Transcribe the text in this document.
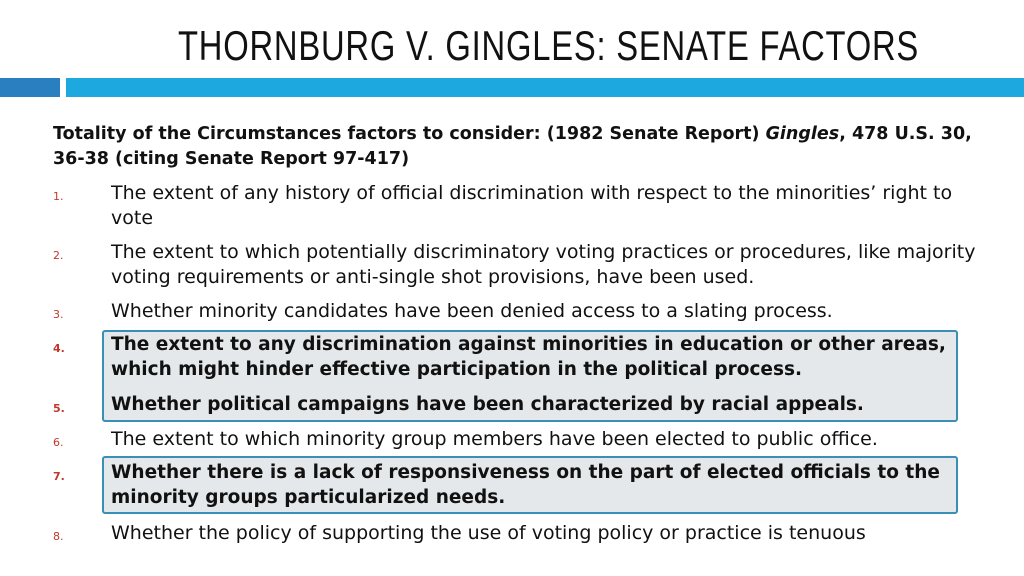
THORNBURG V. GINGLES: SENATE FACTORS
Totality of the Circumstances factors to consider: (1982 Senate Report) Gingles, 478 U.S. 30, 36-38 (citing Senate Report 97-417)
1.	The extent of any history of official discrimination with respect to the minorities’ right to vote
2.	The extent to which potentially discriminatory voting practices or procedures, like majority voting requirements or anti-single shot provisions, have been used.
3.	Whether minority candidates have been denied access to a slating process.
4. The extent to any discrimination against minorities in education or other areas, which might hinder effective participation in the political process.
5. Whether political campaigns have been characterized by racial appeals.
6.	The extent to which minority group members have been elected to public office.
7. Whether there is a lack of responsiveness on the part of elected officials to the minority groups particularized needs.
8.	Whether the policy of supporting the use of voting policy or practice is tenuous
